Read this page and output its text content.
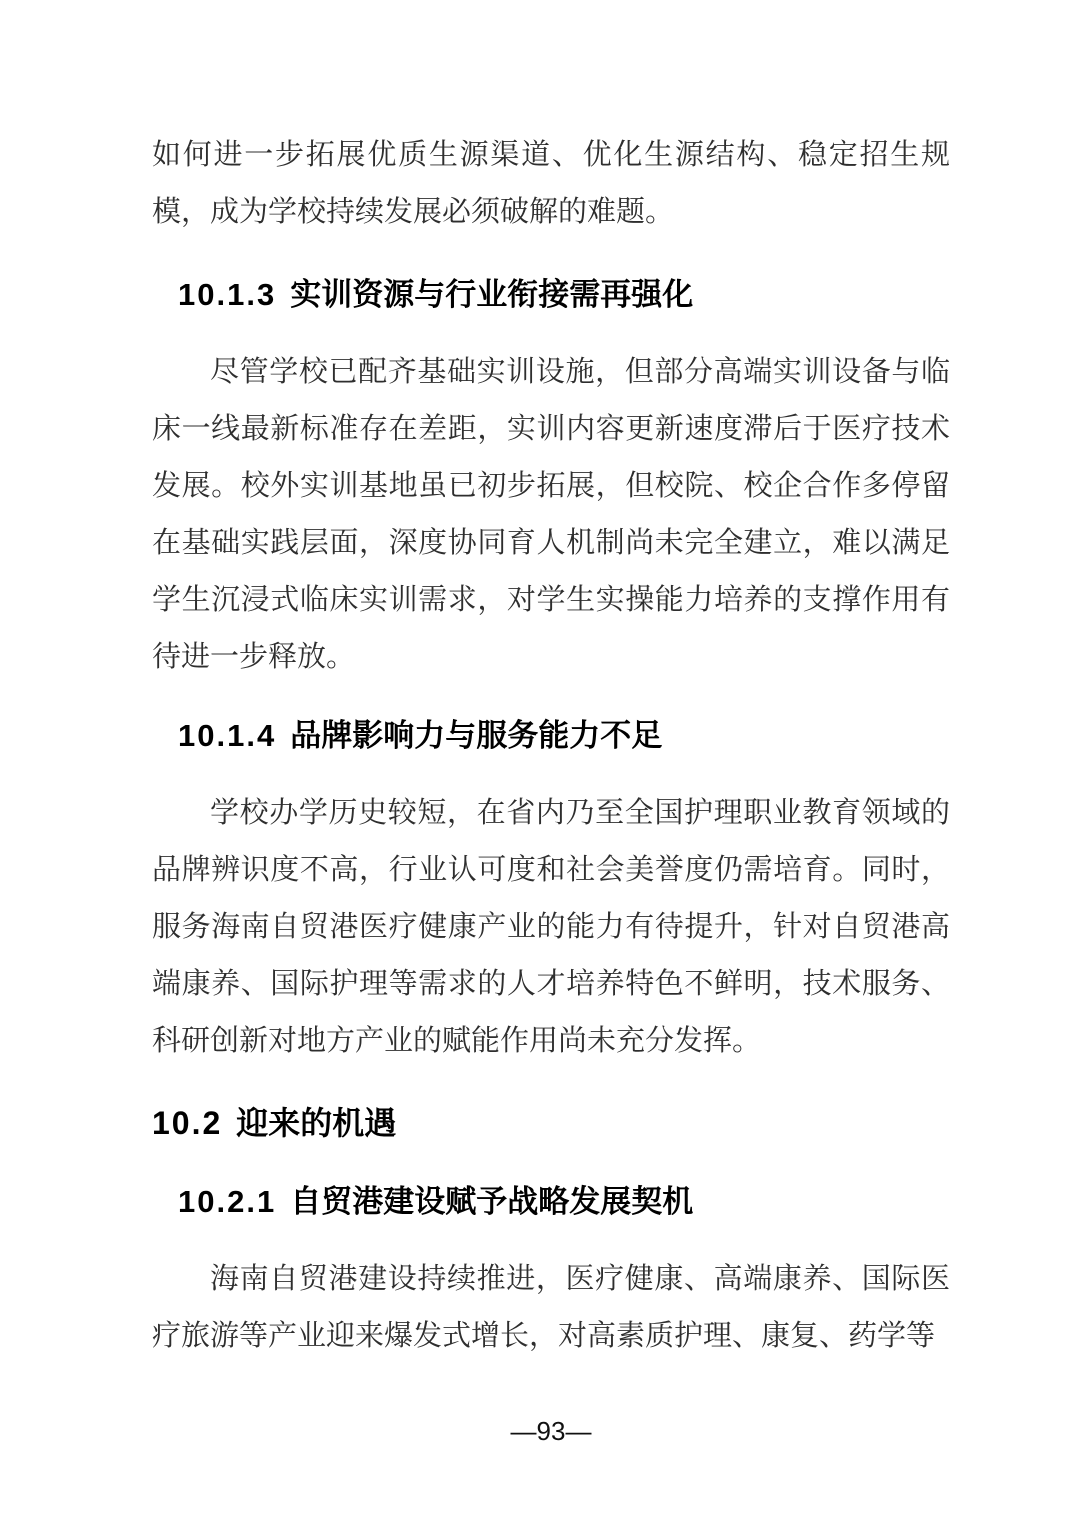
如何进一步拓展优质生源渠道、优化生源结构、稳定招生规模，成为学校持续发展必须破解的难题。

10.1.3 实训资源与行业衔接需再强化

尽管学校已配齐基础实训设施，但部分高端实训设备与临床一线最新标准存在差距，实训内容更新速度滞后于医疗技术发展。校外实训基地虽已初步拓展，但校院、校企合作多停留在基础实践层面，深度协同育人机制尚未完全建立，难以满足学生沉浸式临床实训需求，对学生实操能力培养的支撑作用有待进一步释放。

10.1.4 品牌影响力与服务能力不足

学校办学历史较短，在省内乃至全国护理职业教育领域的品牌辨识度不高，行业认可度和社会美誉度仍需培育。同时，服务海南自贸港医疗健康产业的能力有待提升，针对自贸港高端康养、国际护理等需求的人才培养特色不鲜明，技术服务、科研创新对地方产业的赋能作用尚未充分发挥。

10.2 迎来的机遇
10.2.1 自贸港建设赋予战略发展契机

海南自贸港建设持续推进，医疗健康、高端康养、国际医疗旅游等产业迎来爆发式增长，对高素质护理、康复、药学等

—93—
